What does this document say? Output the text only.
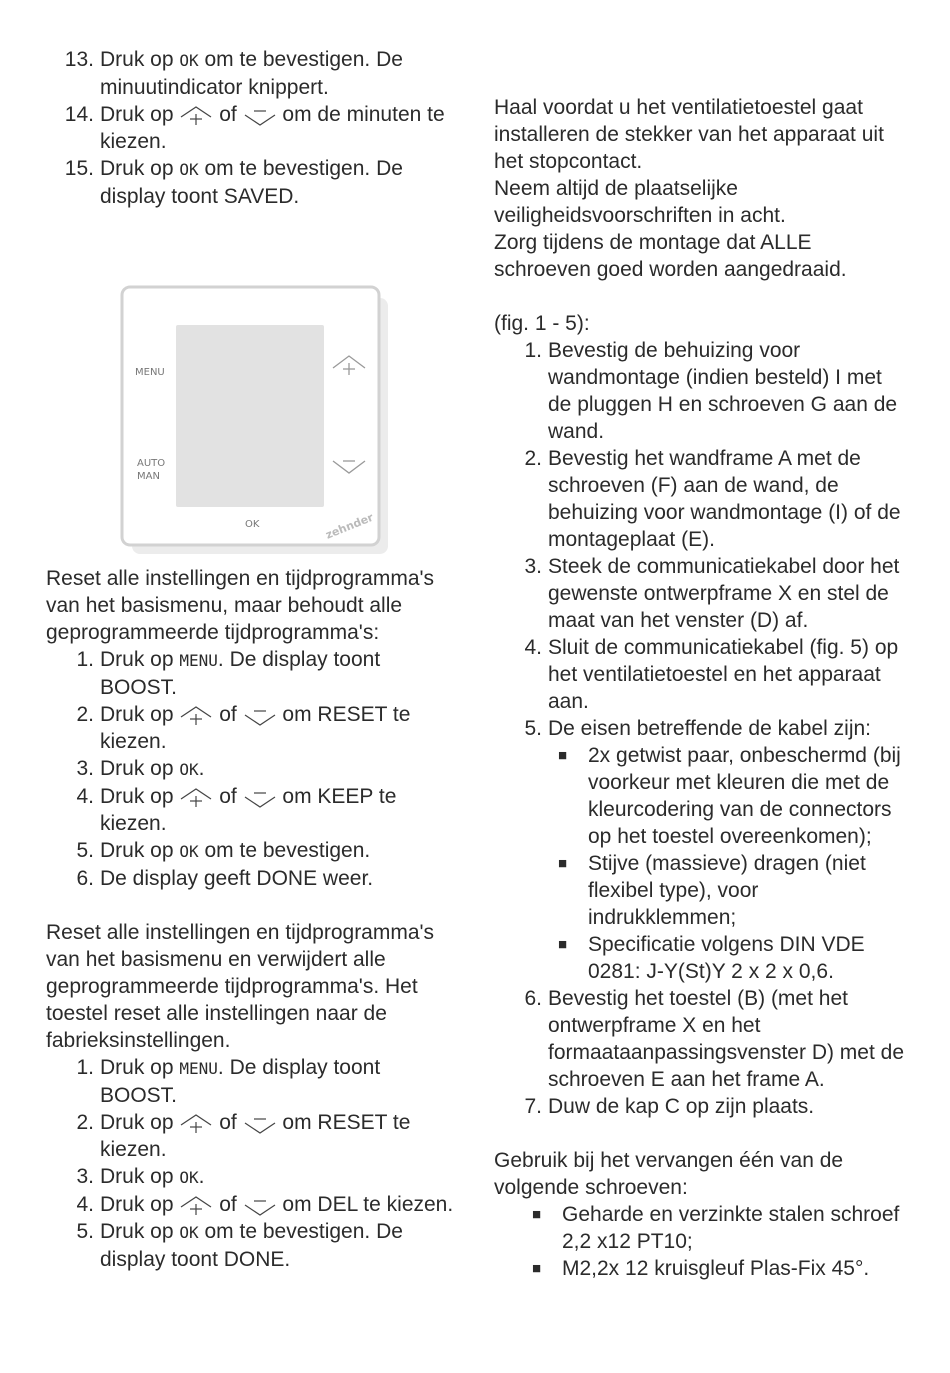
13. Druk op OK om te bevestigen. De minuutindicator knippert.
14. Druk op
of
om de minuten te kiezen.
15. Druk op OK om te bevestigen. De display toont SAVED.
MENU
AUTO
MAN
OK	zehnder

Reset alle instellingen en tijdprogramma's van het basismenu, maar behoudt alle geprogrammeerde tijdprogramma's:

1. Druk op MENU. De display toont BOOST.
2. Druk op
of
om RESET te kiezen.
3. Druk op OK.
4. Druk op
of
om KEEP te kiezen.
5. Druk op OK om te bevestigen.
6. De display geeft DONE weer.

Reset alle instellingen en tijdprogramma's van het basismenu en verwijdert alle geprogrammeerde tijdprogramma's. Het toestel reset alle instellingen naar de fabrieksinstellingen.

1. Druk op MENU. De display toont BOOST.
2. Druk op
of
om RESET te kiezen.
3. Druk op OK.
4. Druk op
of
om DEL te kiezen.
5. Druk op OK om te bevestigen. De display toont DONE.

Haal voordat u het ventilatietoestel gaat installeren de stekker van het apparaat uit het stopcontact.

Neem altijd de plaatselijke veiligheidsvoorschriften in acht.

Zorg tijdens de montage dat ALLE schroeven goed worden aangedraaid.

(fig. 1 - 5):

1. Bevestig de behuizing voor wandmontage (indien besteld) I met de pluggen H en schroeven G aan de wand.
2. Bevestig het wandframe A met de schroeven (F) aan de wand, de behuizing voor wandmontage (I) of de montageplaat (E).
3. Steek de communicatiekabel door het gewenste ontwerpframe X en stel de maat van het venster (D) af.
4. Sluit de communicatiekabel (fig. 5) op het ventilatietoestel en het apparaat aan.
5. De eisen betreffende de kabel zijn:
■ 2x getwist paar, onbeschermd (bij voorkeur met kleuren die met de kleurcodering van de connectors op het toestel overeenkomen);
■ Stijve (massieve) dragen (niet flexibel type), voor indrukklemmen;
■ Specificatie volgens DIN VDE 0281: J-Y(St)Y 2 x 2 x 0,6.
6. Bevestig het toestel (B) (met het ontwerpframe X en het formaataanpassingsvenster D) met de schroeven E aan het frame A.
7. Duw de kap C op zijn plaats.

Gebruik bij het vervangen één van de volgende schroeven:

■ Geharde en verzinkte stalen schroef 2,2 x12 PT10;
■ M2,2x 12 kruisgleuf Plas-Fix 45°.
